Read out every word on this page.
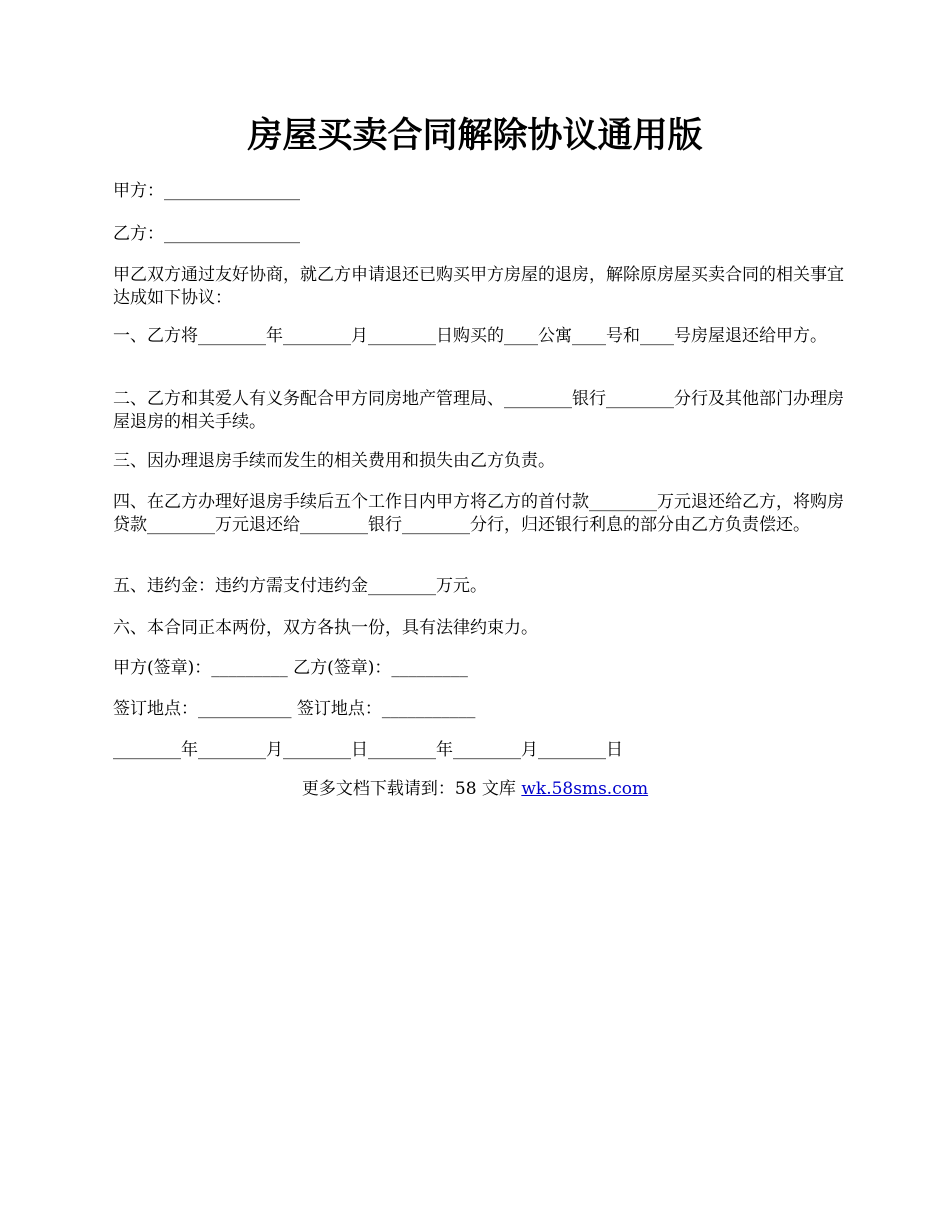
房屋买卖合同解除协议通用版

甲方：________________

乙方：________________

甲乙双方通过友好协商，就乙方申请退还已购买甲方房屋的退房，解除原房屋买卖合同的相关事宜达成如下协议：

一、乙方将________年________月________日购买的____公寓____号和____号房屋退还给甲方。

二、乙方和其爱人有义务配合甲方同房地产管理局、________银行________分行及其他部门办理房屋退房的相关手续。

三、因办理退房手续而发生的相关费用和损失由乙方负责。

四、在乙方办理好退房手续后五个工作日内甲方将乙方的首付款________万元退还给乙方，将购房贷款________万元退还给________银行________分行，归还银行利息的部分由乙方负责偿还。

五、违约金：违约方需支付违约金________万元。

六、本合同正本两份，双方各执一份，具有法律约束力。

甲方(签章)：_________ 乙方(签章)：_________

签订地点：___________ 签订地点：___________

________年________月________日________年________月________日

更多文档下载请到：58 文库 wk.58sms.com
